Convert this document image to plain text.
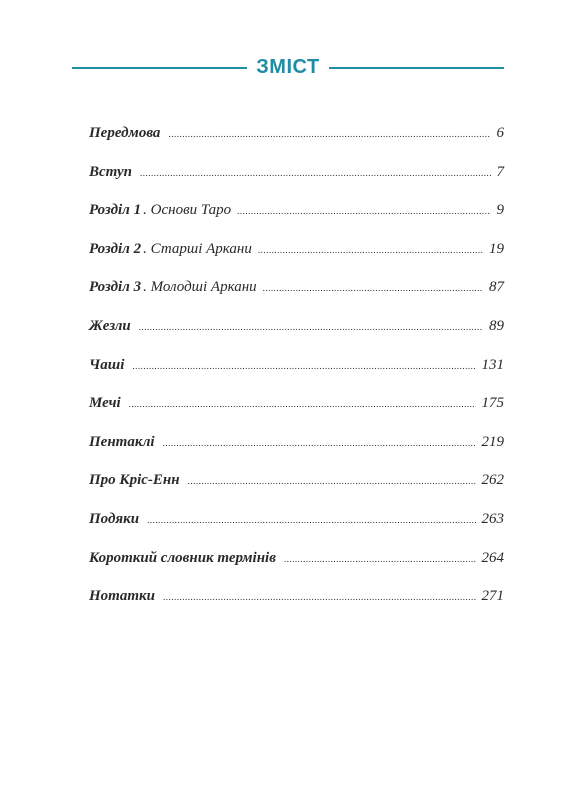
ЗМІСТ
Передмова .....	6
Вступ .....	7
Розділ 1 . Основи Таро .....	9
Розділ 2 . Старші Аркани .....	19
Розділ 3 . Молодші Аркани .....	87
Жезли .....	89
Чаші .....	131
Мечі .....	175
Пентаклі .....	219
Про Кріс-Енн .....	262
Подяки .....	263
Короткий словник термінів .....	264
Нотатки .....	271
